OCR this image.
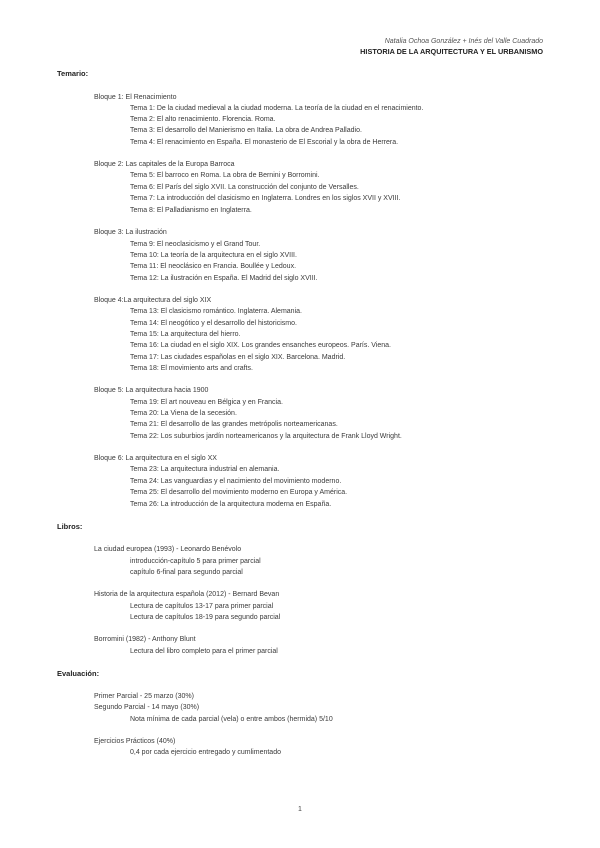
Natalia Ochoa González + Inés del Valle Cuadrado
HISTORIA DE LA ARQUITECTURA Y EL URBANISMO
Temario:
Bloque 1: El Renacimiento
Tema 1: De la ciudad medieval a la ciudad moderna. La teoría de la ciudad en el renacimiento.
Tema 2: El alto renacimiento. Florencia. Roma.
Tema 3: El desarrollo del Manierismo en Italia. La obra de Andrea Palladio.
Tema 4: El renacimiento en España. El monasterio de El Escorial y la obra de Herrera.
Bloque 2: Las capitales de la Europa Barroca
Tema 5: El barroco en Roma. La obra de Bernini y Borromini.
Tema 6: El París del siglo XVII. La construcción del conjunto de Versalles.
Tema 7: La introducción del clasicismo en Inglaterra. Londres en los siglos XVII y XVIII.
Tema 8: El Palladianismo en Inglaterra.
Bloque 3: La ilustración
Tema 9: El neoclasicismo y el Grand Tour.
Tema 10: La teoría de la arquitectura en el siglo XVIII.
Tema 11: El neoclásico en Francia. Boullée y Ledoux.
Tema 12: La ilustración en España. El Madrid del siglo XVIII.
Bloque 4:La arquitectura del siglo XIX
Tema 13: El clasicismo romántico. Inglaterra. Alemania.
Tema 14: El neogótico y el desarrollo del historicismo.
Tema 15: La arquitectura del hierro.
Tema 16: La ciudad en el siglo XIX. Los grandes ensanches europeos. París. Viena.
Tema 17: Las ciudades españolas en el siglo XIX. Barcelona. Madrid.
Tema 18: El movimiento arts and crafts.
Bloque 5: La arquitectura hacia 1900
Tema 19: El art nouveau en Bélgica y en Francia.
Tema 20: La Viena de la secesión.
Tema 21: El desarrollo de las grandes metrópolis norteamericanas.
Tema 22: Los suburbios jardín norteamericanos y la arquitectura de Frank Lloyd Wright.
Bloque 6: La arquitectura en el siglo XX
Tema 23: La arquitectura industrial en alemania.
Tema 24: Las vanguardias y el nacimiento del movimiento moderno.
Tema 25: El desarrollo del movimiento moderno en Europa y América.
Tema 26: La introducción de la arquitectura moderna en España.
Libros:
La ciudad europea (1993) - Leonardo Benévolo
introducción-capítulo 5 para primer parcial
capítulo 6-final para segundo parcial
Historia de la arquitectura española (2012) - Bernard Bevan
Lectura de capítulos 13-17 para primer parcial
Lectura de capítulos 18-19 para segundo parcial
Borromini (1982) - Anthony Blunt
Lectura del libro completo para el primer parcial
Evaluación:
Primer Parcial - 25 marzo (30%)
Segundo Parcial - 14 mayo (30%)
Nota mínima de cada parcial (vela) o entre ambos (hermida) 5/10
Ejercicios Prácticos (40%)
0,4 por cada ejercicio entregado y cumlimentado
1
